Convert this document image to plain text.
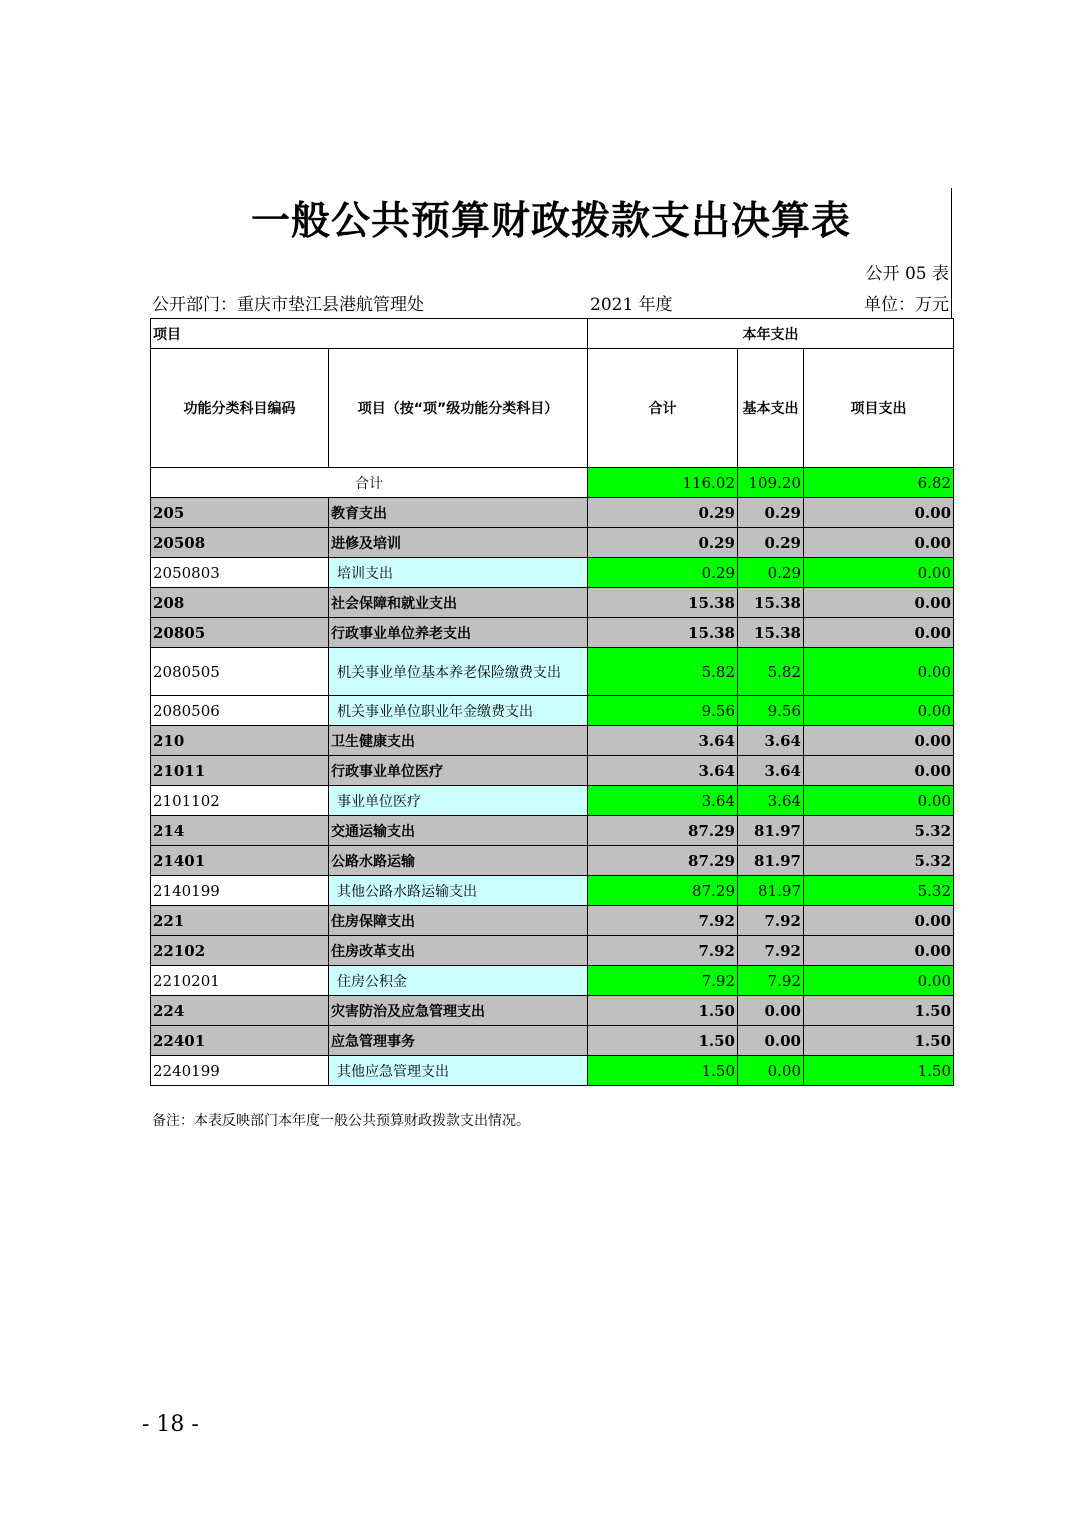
一般公共预算财政拨款支出决算表
公开 05 表
公开部门：重庆市垫江县港航管理处	2021 年度	单位：万元
项目		本年支出		
功能分类科目编码	项目（按“项”级功能分类科目）	合计	基本支出	项目支出
合计		116.02	109.20	6.82
205	教育支出	0.29	0.29	0.00
20508	进修及培训	0.29	0.29	0.00
2050803	培训支出	0.29	0.29	0.00
208	社会保障和就业支出	15.38	15.38	0.00
20805	行政事业单位养老支出	15.38	15.38	0.00
2080505	机关事业单位基本养老保险缴费支出	5.82	5.82	0.00
2080506	机关事业单位职业年金缴费支出	9.56	9.56	0.00
210	卫生健康支出	3.64	3.64	0.00
21011	行政事业单位医疗	3.64	3.64	0.00
2101102	事业单位医疗	3.64	3.64	0.00
214	交通运输支出	87.29	81.97	5.32
21401	公路水路运输	87.29	81.97	5.32
2140199	其他公路水路运输支出	87.29	81.97	5.32
221	住房保障支出	7.92	7.92	0.00
22102	住房改革支出	7.92	7.92	0.00
2210201	住房公积金	7.92	7.92	0.00
224	灾害防治及应急管理支出	1.50	0.00	1.50
22401	应急管理事务	1.50	0.00	1.50
2240199	其他应急管理支出	1.50	0.00	1.50
备注：本表反映部门本年度一般公共预算财政拨款支出情况。
- 18 -
